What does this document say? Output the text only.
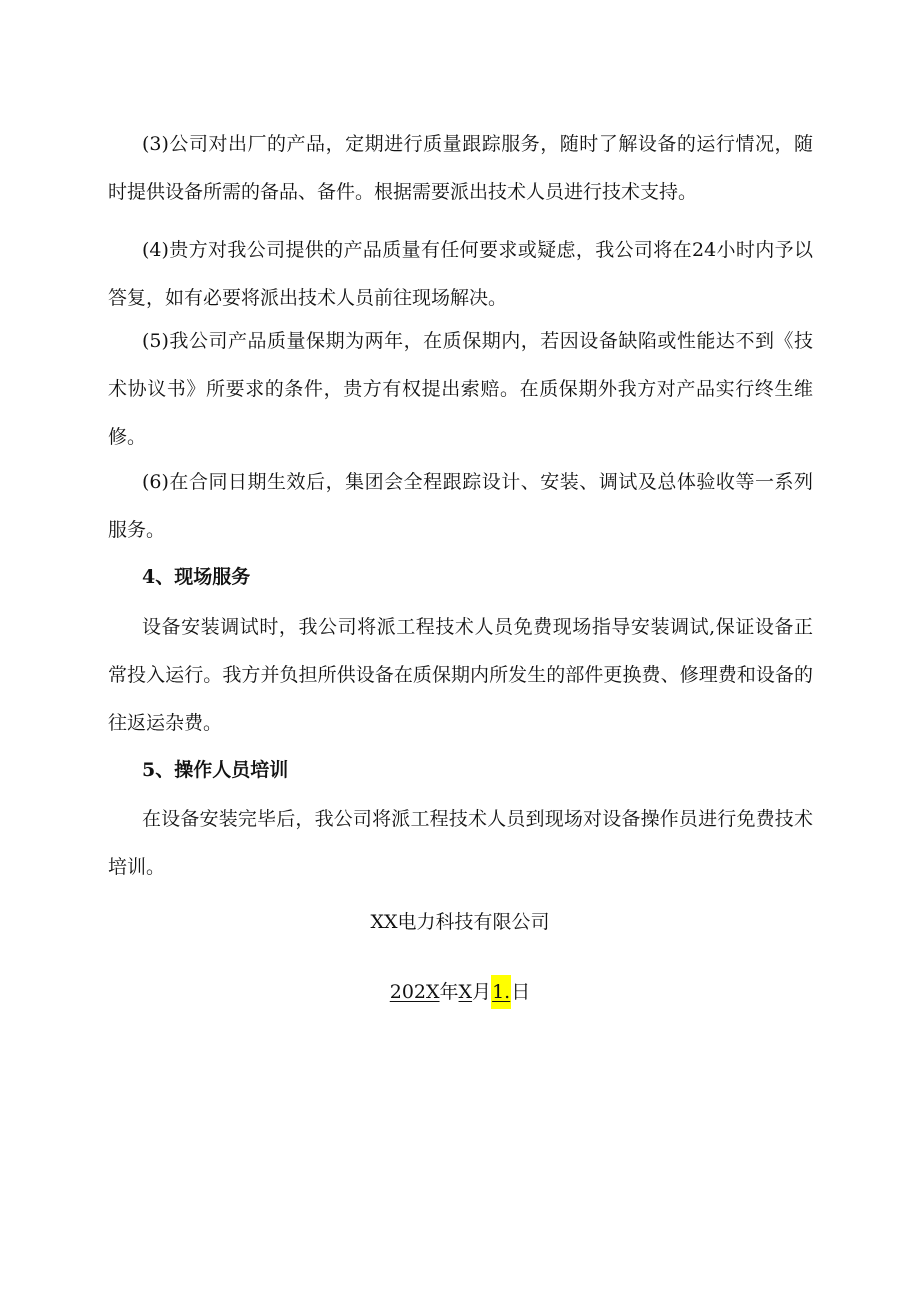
(3)公司对出厂的产品，定期进行质量跟踪服务，随时了解设备的运行情况，随时提供设备所需的备品、备件。根据需要派出技术人员进行技术支持。

(4)贵方对我公司提供的产品质量有任何要求或疑虑，我公司将在24小时内予以答复，如有必要将派出技术人员前往现场解决。

(5)我公司产品质量保期为两年，在质保期内，若因设备缺陷或性能达不到《技术协议书》所要求的条件，贵方有权提出索赔。在质保期外我方对产品实行终生维修。

(6)在合同日期生效后，集团会全程跟踪设计、安装、调试及总体验收等一系列服务。

4、现场服务

设备安装调试时，我公司将派工程技术人员免费现场指导安装调试,保证设备正常投入运行。我方并负担所供设备在质保期内所发生的部件更换费、修理费和设备的往返运杂费。

5、操作人员培训

在设备安装完毕后，我公司将派工程技术人员到现场对设备操作员进行免费技术培训。

XX电力科技有限公司
202X年X月1.日
